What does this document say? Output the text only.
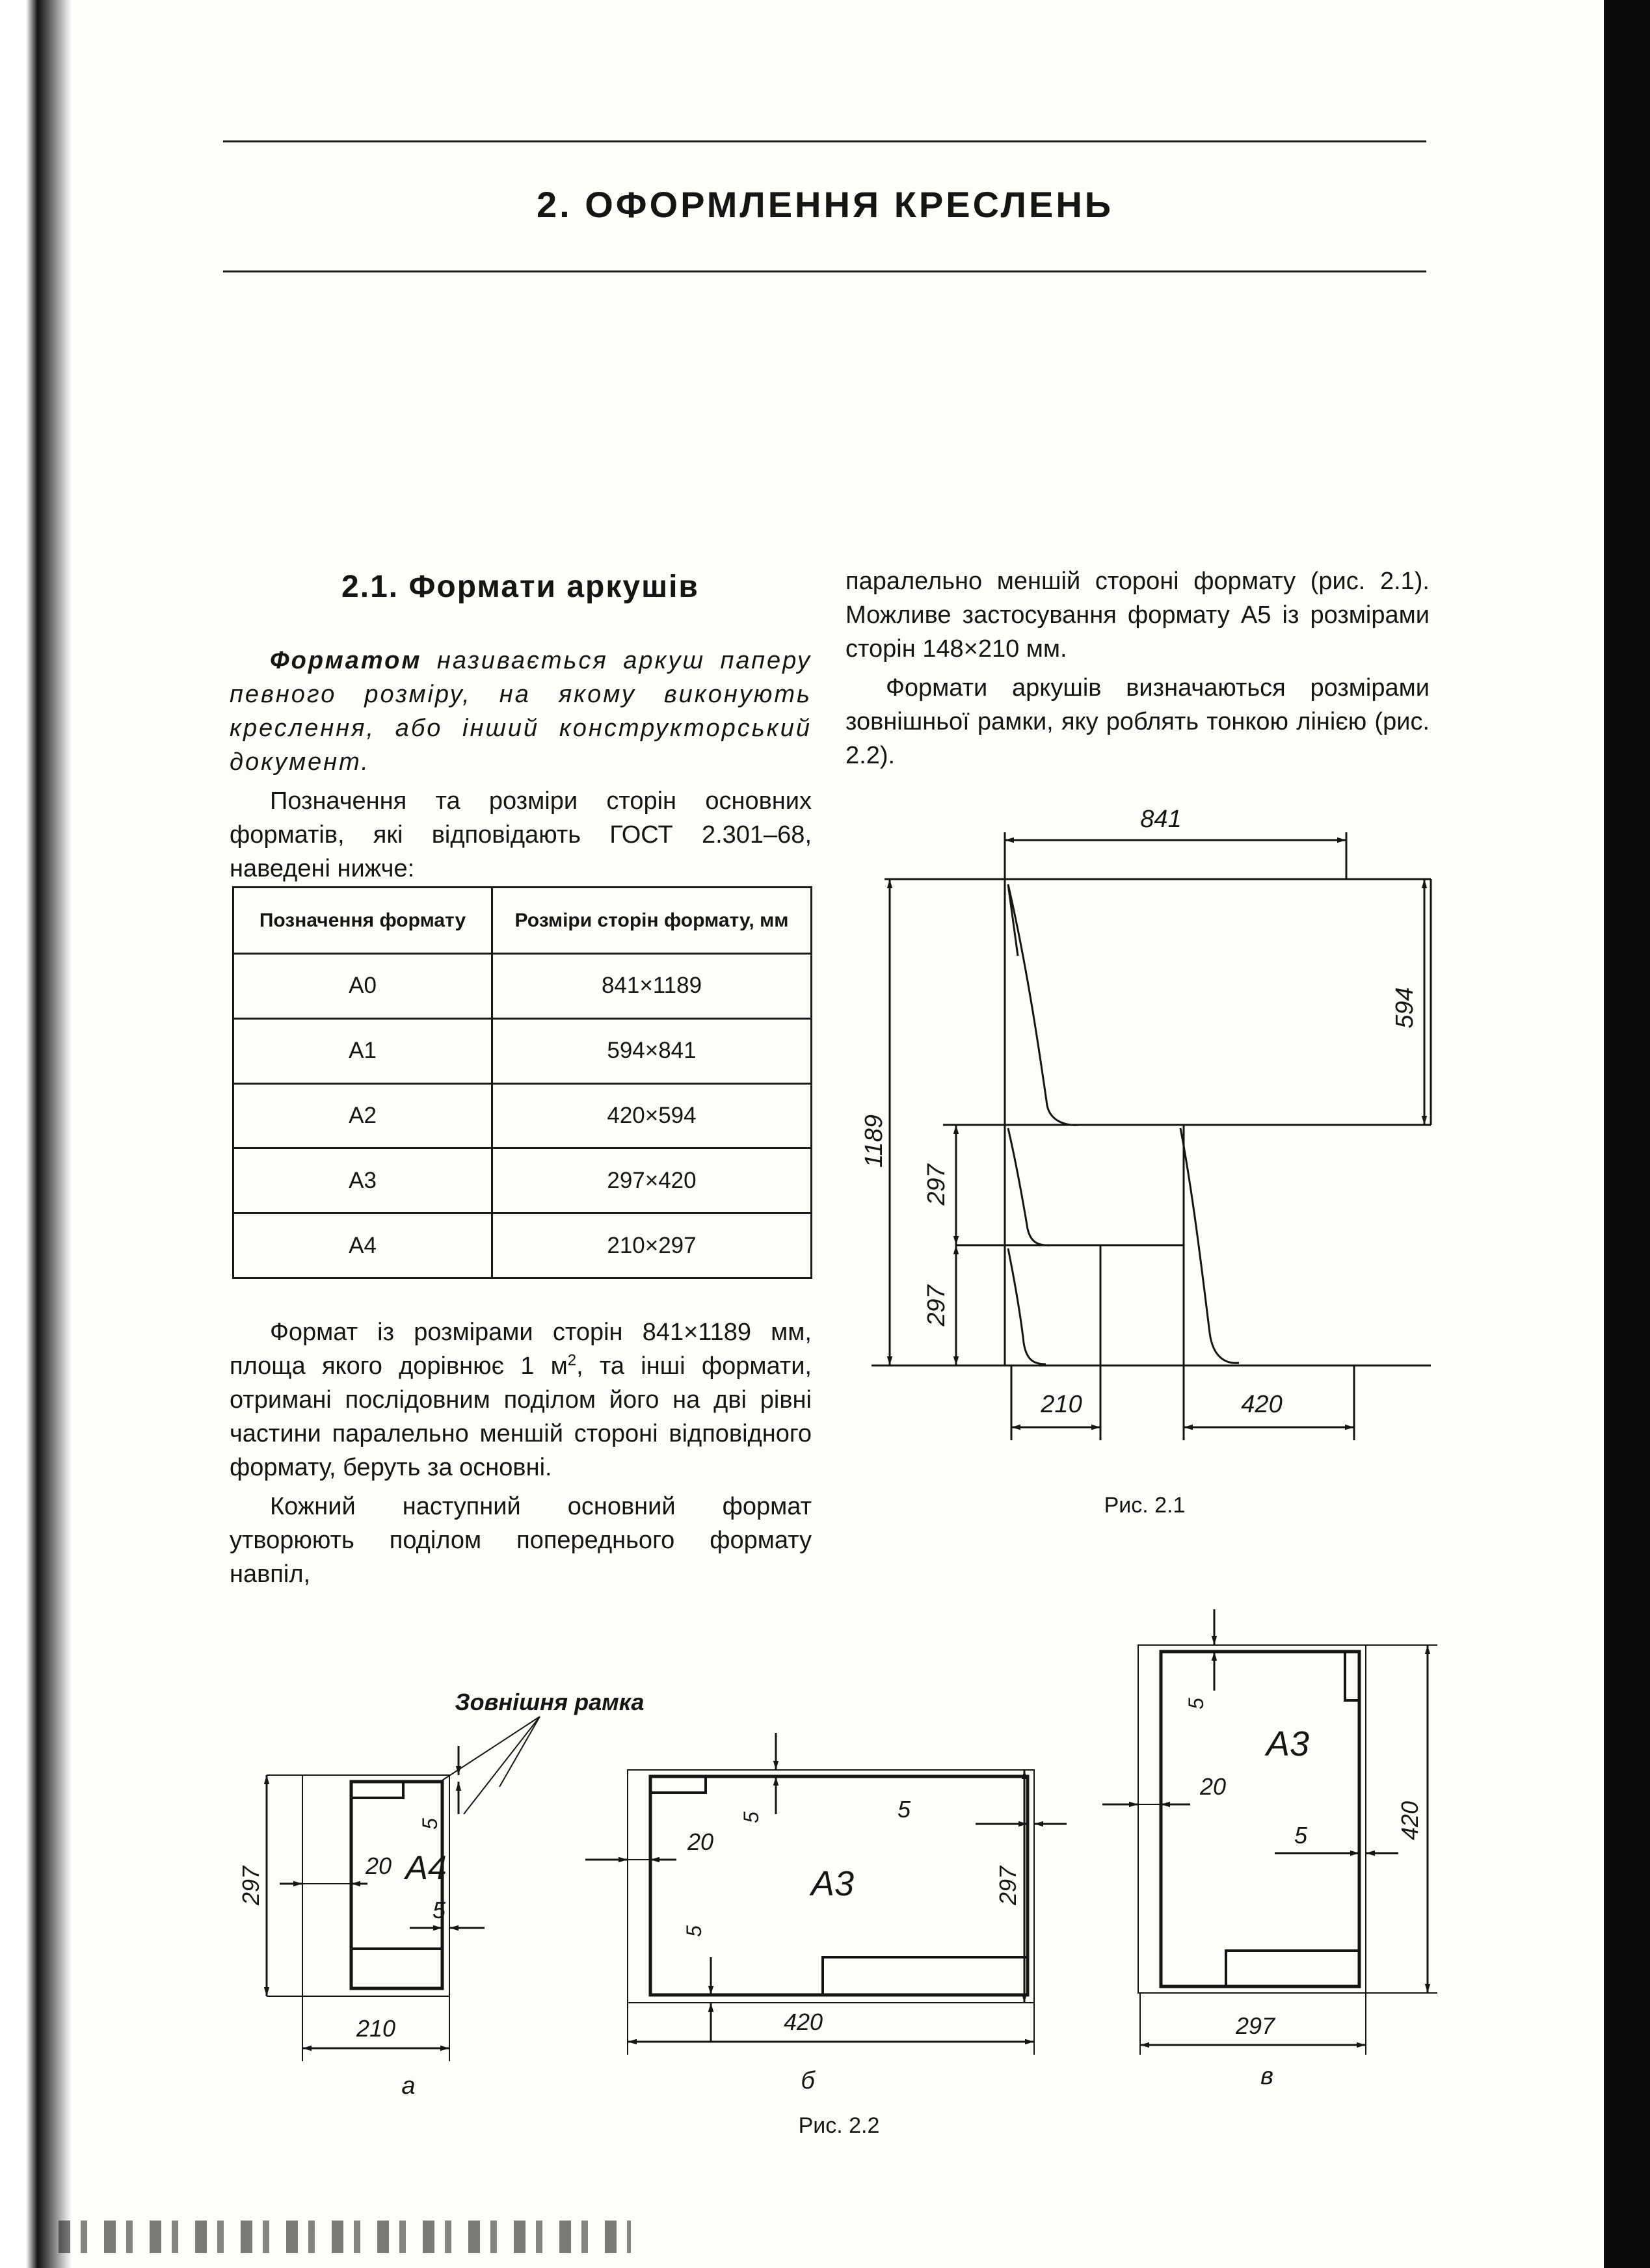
2. ОФОРМЛЕННЯ КРЕСЛЕНЬ
2.1. Формати аркушів

Форматом називається аркуш паперу певного розміру, на якому виконують креслення, або інший конструкторський документ.

Позначення та розміри сторін основних форматів, які відповідають ГОСТ 2.301–68, наведені нижче:

Позначення формату	Розміри сторін формату, мм
A0	841×1189
A1	594×841
A2	420×594
A3	297×420
A4	210×297

Формат із розмірами сторін 841×1189 мм, площа якого дорівнює 1 $м^2$, та інші формати, отримані послідовним поділом його на дві рівні частини паралельно меншій стороні відповідного формату, беруть за основні.

Кожний наступний основний формат утворюють поділом попереднього формату навпіл,

паралельно меншій стороні формату (рис. 2.1). Можливе застосування формату А5 із розмірами сторін 148×210 мм.

Формати аркушів визначаються розмірами зовнішньої рамки, яку роблять тонкою лінією (рис. 2.2).

841
594
1189
297
297
210	420
Рис. 2.1
Зовнішня рамка
A4
297
210
20
5
5
а
A3	297
420
20
5	5
5
б
A3
420
297
20
5
5
в
Рис. 2.2
